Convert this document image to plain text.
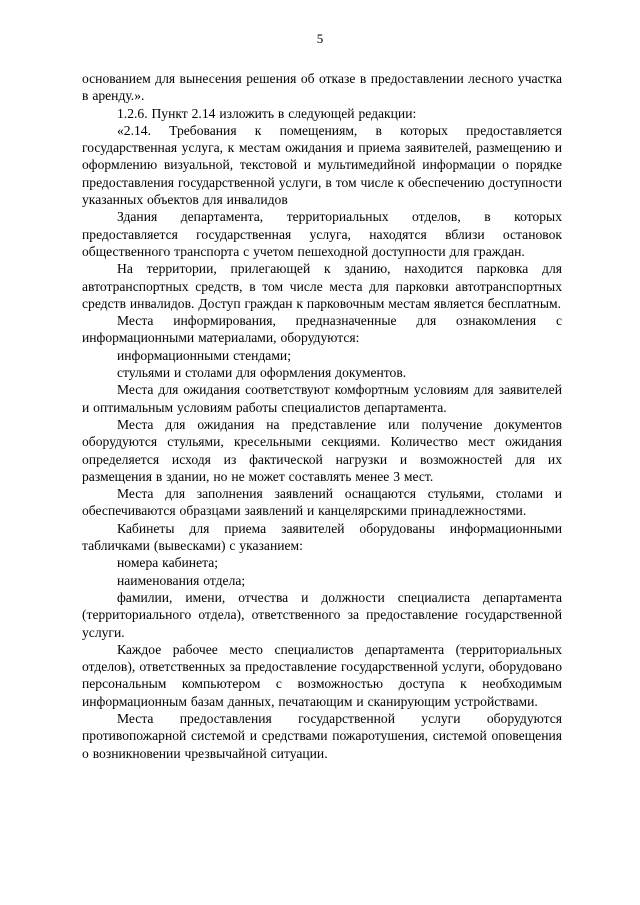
5

основанием для вынесения решения об отказе в предоставлении лесного участка в аренду.».

1.2.6. Пункт 2.14 изложить в следующей редакции:

«2.14. Требования к помещениям, в которых предоставляется государственная услуга, к местам ожидания и приема заявителей, размещению и оформлению визуальной, текстовой и мультимедийной информации о порядке предоставления государственной услуги, в том числе к обеспечению доступности указанных объектов для инвалидов

Здания департамента, территориальных отделов, в которых предоставляется государственная услуга, находятся вблизи остановок общественного транспорта с учетом пешеходной доступности для граждан.

На территории, прилегающей к зданию, находится парковка для автотранспортных средств, в том числе места для парковки автотранспортных средств инвалидов. Доступ граждан к парковочным местам является бесплатным.

Места информирования, предназначенные для ознакомления с информационными материалами, оборудуются:

информационными стендами;

стульями и столами для оформления документов.

Места для ожидания соответствуют комфортным условиям для заявителей и оптимальным условиям работы специалистов департамента.

Места для ожидания на представление или получение документов оборудуются стульями, кресельными секциями. Количество мест ожидания определяется исходя из фактической нагрузки и возможностей для их размещения в здании, но не может составлять менее 3 мест.

Места для заполнения заявлений оснащаются стульями, столами и обеспечиваются образцами заявлений и канцелярскими принадлежностями.

Кабинеты для приема заявителей оборудованы информационными табличками (вывесками) с указанием:

номера кабинета;

наименования отдела;

фамилии, имени, отчества и должности специалиста департамента (территориального отдела), ответственного за предоставление государственной услуги.

Каждое рабочее место специалистов департамента (территориальных отделов), ответственных за предоставление государственной услуги, оборудовано персональным компьютером с возможностью доступа к необходимым информационным базам данных, печатающим и сканирующим устройствами.

Места предоставления государственной услуги оборудуются противопожарной системой и средствами пожаротушения, системой оповещения о возникновении чрезвычайной ситуации.
